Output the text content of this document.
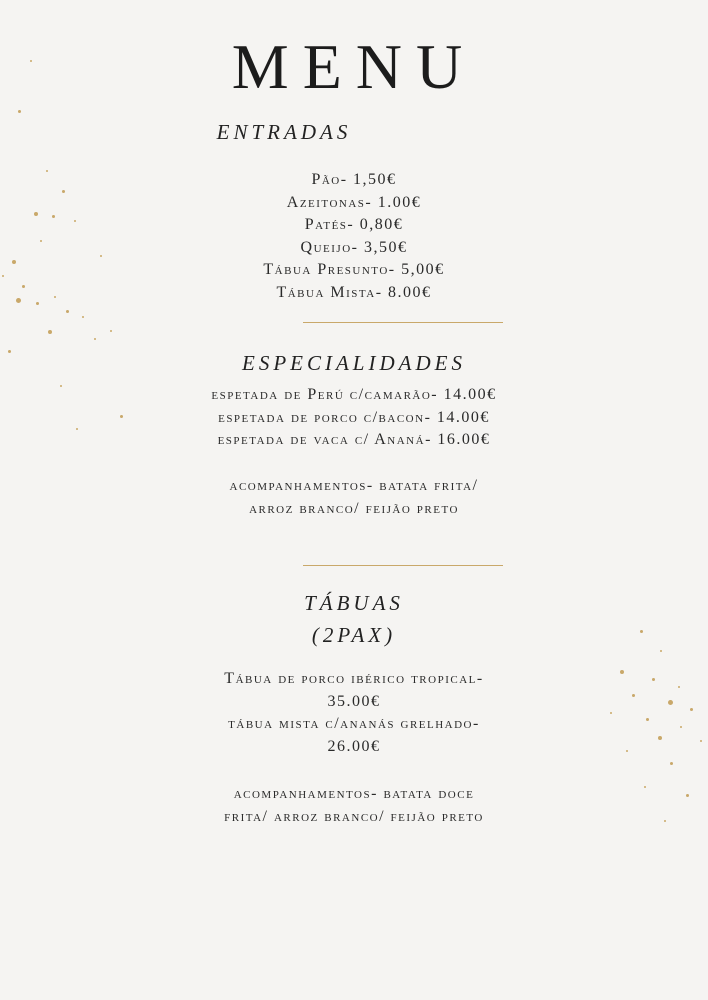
MENU
ENTRADAS
Pão- 1,50€
Azeitonas- 1.00€
Patés- 0,80€
Queijo- 3,50€
Tábua Presunto- 5,00€
Tábua Mista- 8.00€
ESPECIALIDADES
espetada de Perú c/camarão- 14.00€
espetada de porco c/bacon- 14.00€
espetada de vaca c/ Ananá- 16.00€
acompanhamentos- batata frita/
arroz branco/ feijão preto
TÁBUAS
(2PAX)
Tábua de porco ibérico tropical-
35.00€
tábua mista c/ananás grelhado-
26.00€
acompanhamentos- batata doce
frita/ arroz branco/ feijão preto
